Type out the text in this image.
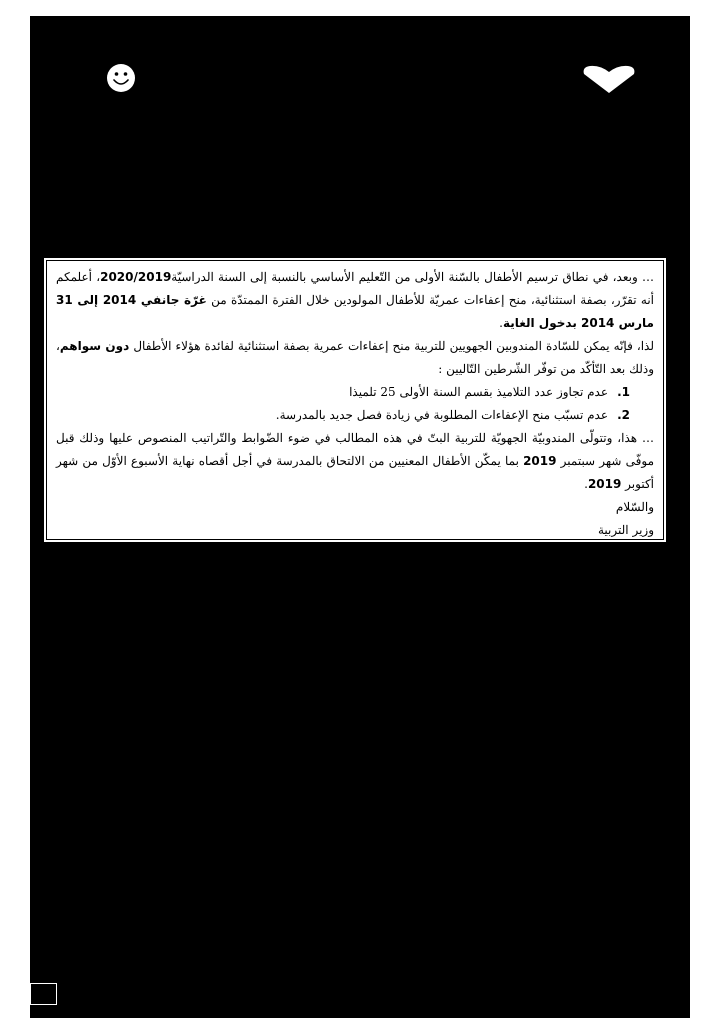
… وبعد، في نطاق ترسيم الأطفال بالسّنة الأولى من التّعليم الأساسي بالنسبة إلى السنة الدراسيّة2020/2019، أعلمكم أنه تقرّر، بصفة استثنائية، منح إعفاءات عمريّة للأطفال المولودين خلال الفترة الممتدّة من غرّة جانفي 2014 إلى 31 مارس 2014 بدخول الغاية.

لذا، فإنّه يمكن للسّادة المندوبين الجهويين للتربية منح إعفاءات عمرية بصفة استثنائية لفائدة هؤلاء الأطفال دون سواهم، وذلك بعد التّأكّد من توفّر الشّرطين التّاليين :

1.
عدم تجاوز عدد التلاميذ بقسم السنة الأولى 25 تلميذا
2.
عدم تسبّب منح الإعفاءات المطلوبة في زيادة فصل جديد بالمدرسة.

… هذا، وتتولّى المندوبيّة الجهويّة للتربية البتّ في هذه المطالب في ضوء الضّوابط والتّراتيب المنصوص عليها وذلك قبل موفّى شهر سبتمبر 2019 بما يمكّن الأطفال المعنيين من الالتحاق بالمدرسة في أجل أقصاه نهاية الأسبوع الأوّل من شهر أكتوبر 2019.

والسّلام

وزير التربية
